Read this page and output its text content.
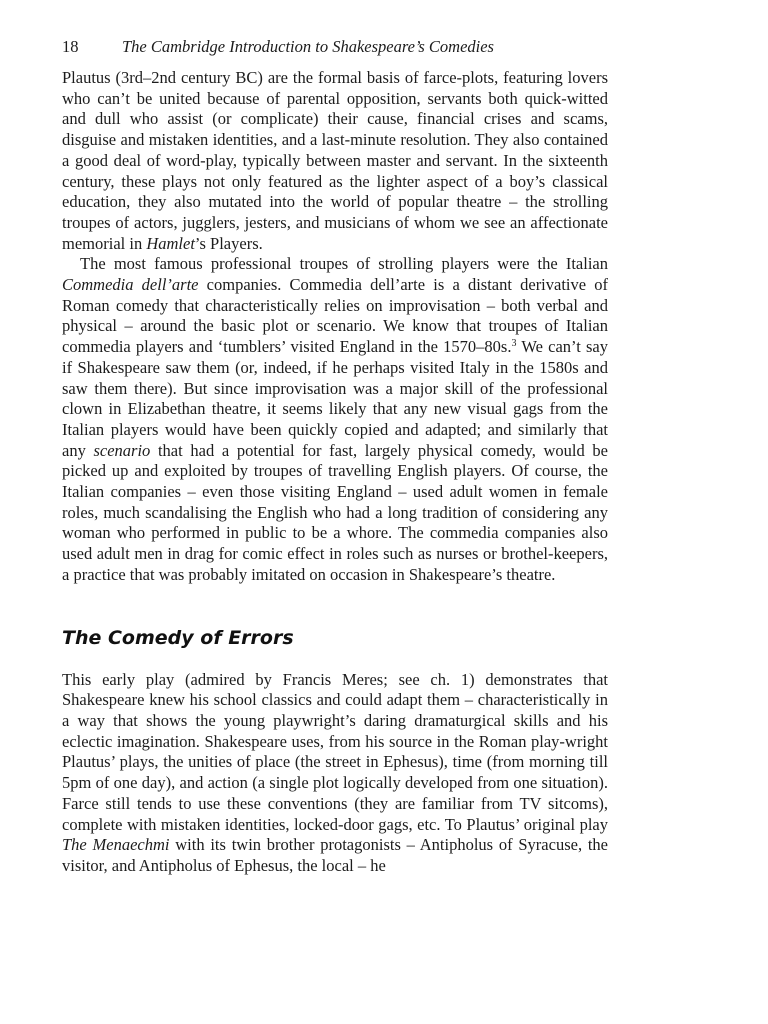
18	The Cambridge Introduction to Shakespeare’s Comedies

Plautus (3rd–2nd century BC) are the formal basis of farce-plots, featuring lovers who can’t be united because of parental opposition, servants both quick-witted and dull who assist (or complicate) their cause, financial crises and scams, disguise and mistaken identities, and a last-minute resolution. They also contained a good deal of word-play, typically between master and servant. In the sixteenth century, these plays not only featured as the lighter aspect of a boy’s classical education, they also mutated into the world of popular theatre – the strolling troupes of actors, jugglers, jesters, and musicians of whom we see an affectionate memorial in Hamlet’s Players.

The most famous professional troupes of strolling players were the Italian Commedia dell’arte companies. Commedia dell’arte is a distant derivative of Roman comedy that characteristically relies on improvisation – both verbal and physical – around the basic plot or scenario. We know that troupes of Italian commedia players and ‘tumblers’ visited England in the 1570–80s.$^3$ We can’t say if Shakespeare saw them (or, indeed, if he perhaps visited Italy in the 1580s and saw them there). But since improvisation was a major skill of the professional clown in Elizabethan theatre, it seems likely that any new visual gags from the Italian players would have been quickly copied and adapted; and similarly that any scenario that had a potential for fast, largely physical comedy, would be picked up and exploited by troupes of travelling English players. Of course, the Italian companies – even those visiting England – used adult women in female roles, much scandalising the English who had a long tradition of considering any woman who performed in public to be a whore. The commedia companies also used adult men in drag for comic effect in roles such as nurses or brothel-keepers, a practice that was probably imitated on occasion in Shakespeare’s theatre.

The Comedy of Errors

This early play (admired by Francis Meres; see ch. 1) demonstrates that Shakespeare knew his school classics and could adapt them – characteristically in a way that shows the young playwright’s daring dramaturgical skills and his eclectic imagination. Shakespeare uses, from his source in the Roman play-wright Plautus’ plays, the unities of place (the street in Ephesus), time (from morning till 5pm of one day), and action (a single plot logically developed from one situation). Farce still tends to use these conventions (they are familiar from TV sitcoms), complete with mistaken identities, locked-door gags, etc. To Plautus’ original play The Menaechmi with its twin brother protagonists – Antipholus of Syracuse, the visitor, and Antipholus of Ephesus, the local – he
